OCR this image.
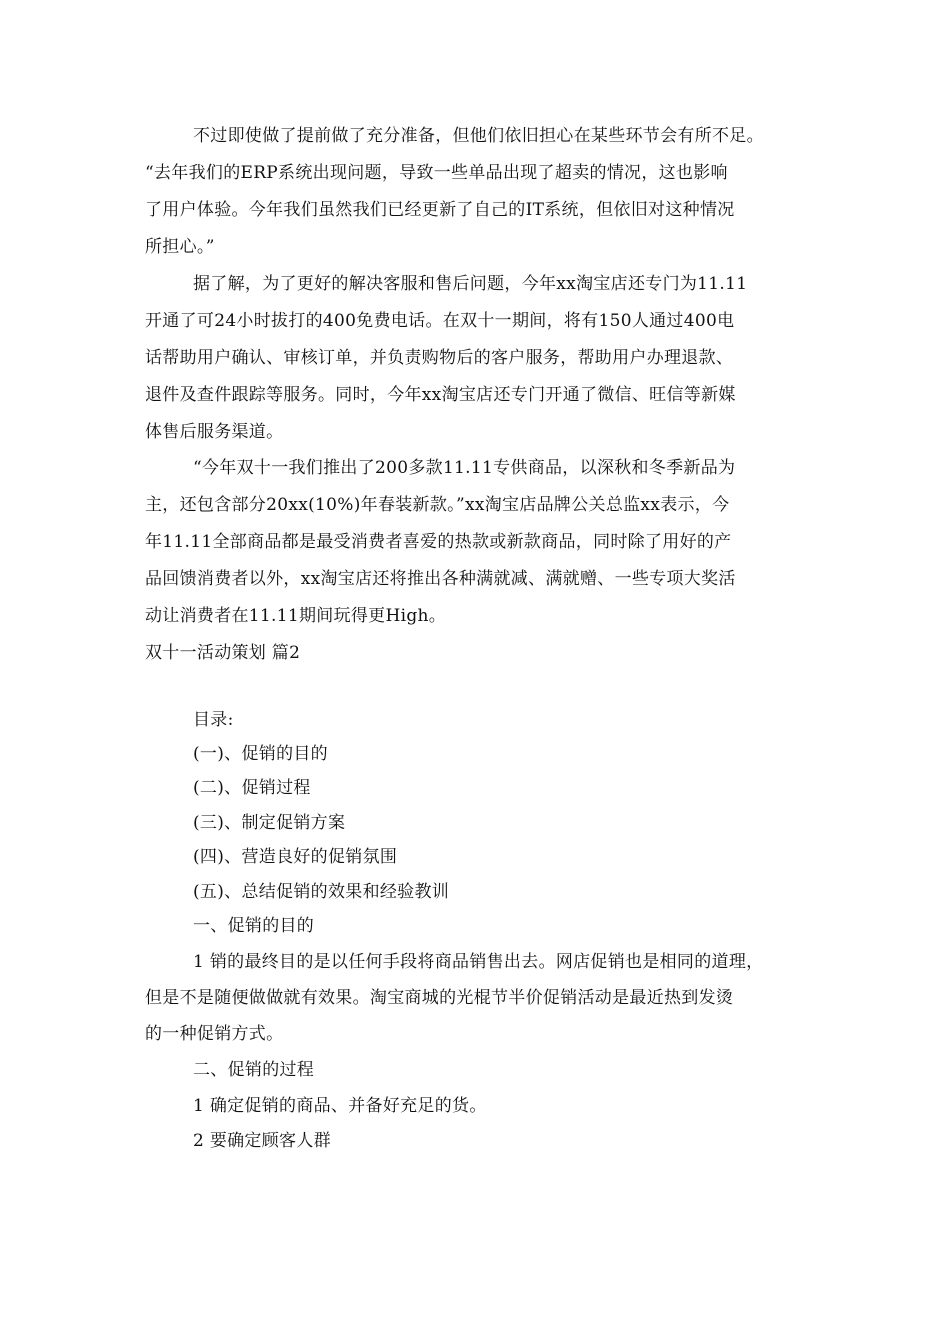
不过即使做了提前做了充分准备，但他们依旧担心在某些环节会有所不足。
“去年我们的ERP系统出现问题，导致一些单品出现了超卖的情况，这也影响
了用户体验。今年我们虽然我们已经更新了自己的IT系统，但依旧对这种情况
所担心。”
据了解，为了更好的解决客服和售后问题，今年xx淘宝店还专门为11.11
开通了可24小时拔打的400免费电话。在双十一期间，将有150人通过400电
话帮助用户确认、审核订单，并负责购物后的客户服务，帮助用户办理退款、
退件及查件跟踪等服务。同时，今年xx淘宝店还专门开通了微信、旺信等新媒
体售后服务渠道。
“今年双十一我们推出了200多款11.11专供商品，以深秋和冬季新品为
主，还包含部分20xx(10%)年春装新款。”xx淘宝店品牌公关总监xx表示，今
年11.11全部商品都是最受消费者喜爱的热款或新款商品，同时除了用好的产
品回馈消费者以外，xx淘宝店还将推出各种满就减、满就赠、一些专项大奖活
动让消费者在11.11期间玩得更High。
双十一活动策划 篇2
目录:
(一)、促销的目的
(二)、促销过程
(三)、制定促销方案
(四)、营造良好的促销氛围
(五)、总结促销的效果和经验教训
一、促销的目的
1 销的最终目的是以任何手段将商品销售出去。网店促销也是相同的道理，
但是不是随便做做就有效果。淘宝商城的光棍节半价促销活动是最近热到发烫
的一种促销方式。
二、促销的过程
1 确定促销的商品、并备好充足的货。
2 要确定顾客人群
